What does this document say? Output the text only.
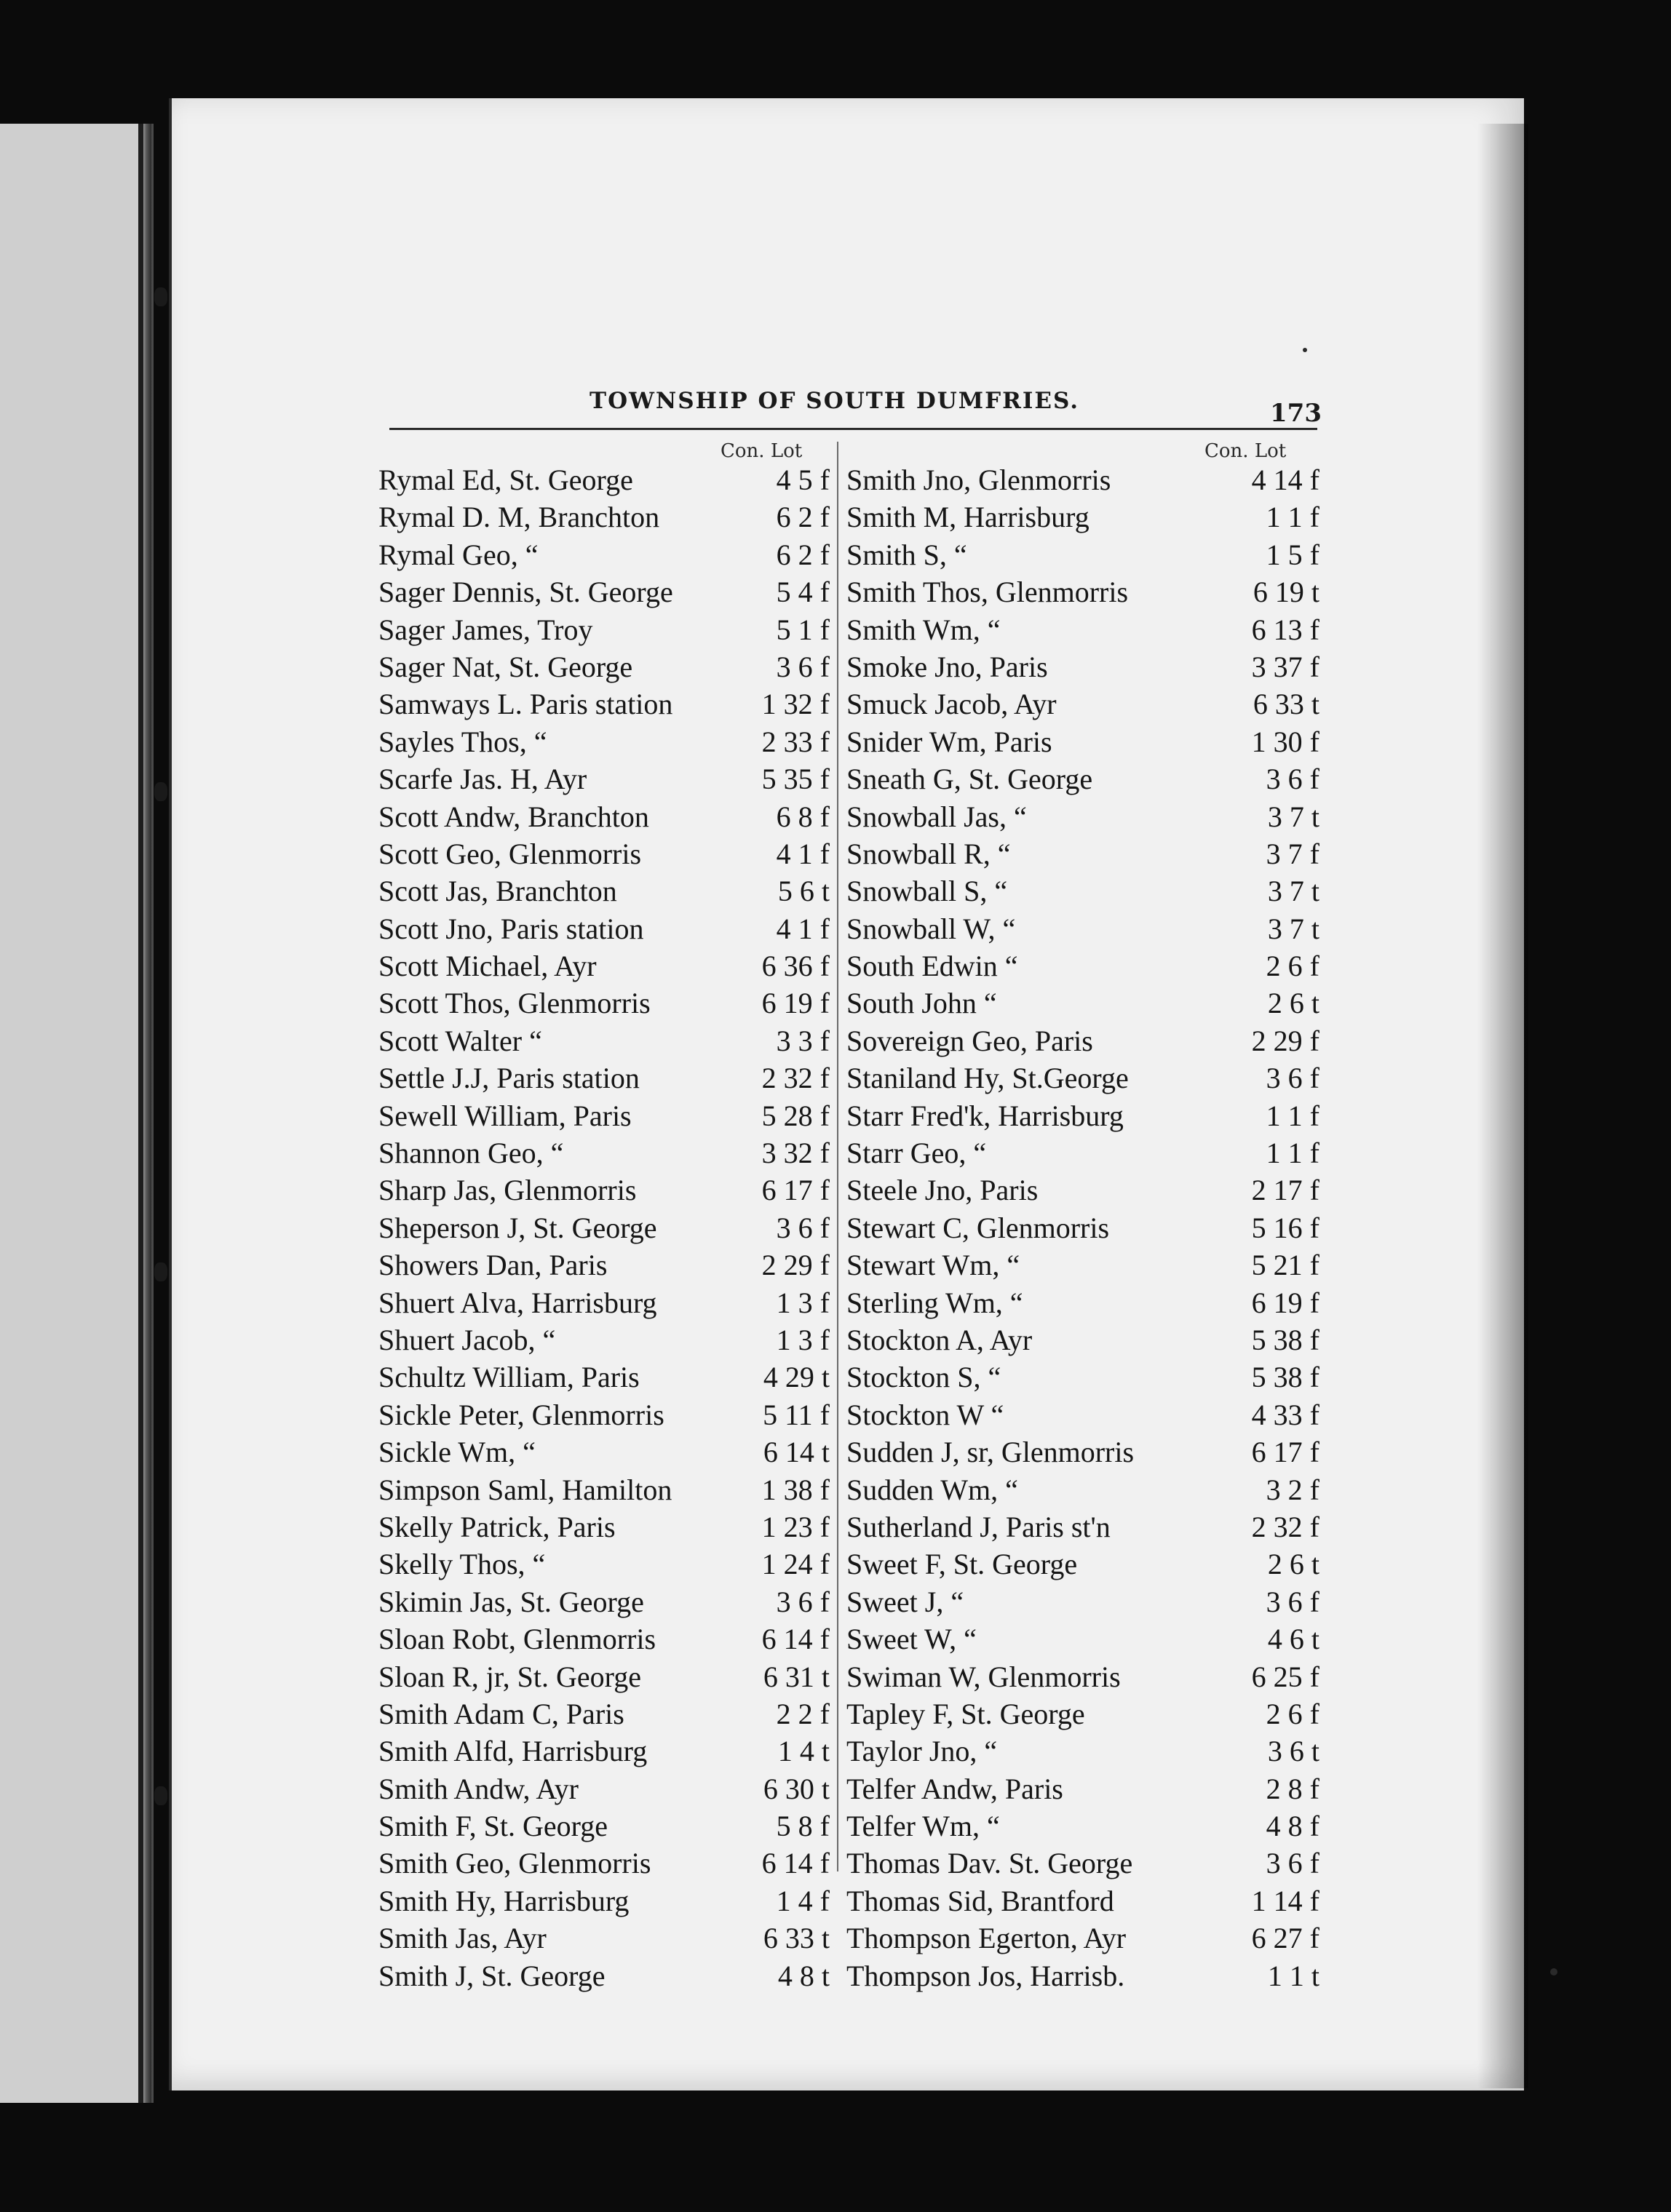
TOWNSHIP OF SOUTH DUMFRIES.	173
Con. Lot	Con. Lot
Rymal Ed, St. George	4 5 f
Rymal D. M, Branchton	6 2 f
Rymal Geo, “	6 2 f
Sager Dennis, St. George	5 4 f
Sager James, Troy	5 1 f
Sager Nat, St. George	3 6 f
Samways L. Paris station	1 32 f
Sayles Thos, “	2 33 f
Scarfe Jas. H, Ayr	5 35 f
Scott Andw, Branchton	6 8 f
Scott Geo, Glenmorris	4 1 f
Scott Jas, Branchton	5 6 t
Scott Jno, Paris station	4 1 f
Scott Michael, Ayr	6 36 f
Scott Thos, Glenmorris	6 19 f
Scott Walter “	3 3 f
Settle J.J, Paris station	2 32 f
Sewell William, Paris	5 28 f
Shannon Geo, “	3 32 f
Sharp Jas, Glenmorris	6 17 f
Sheperson J, St. George	3 6 f
Showers Dan, Paris	2 29 f
Shuert Alva, Harrisburg	1 3 f
Shuert Jacob, “	1 3 f
Schultz William, Paris	4 29 t
Sickle Peter, Glenmorris	5 11 f
Sickle Wm, “	6 14 t
Simpson Saml, Hamilton	1 38 f
Skelly Patrick, Paris	1 23 f
Skelly Thos, “	1 24 f
Skimin Jas, St. George	3 6 f
Sloan Robt, Glenmorris	6 14 f
Sloan R, jr, St. George	6 31 t
Smith Adam C, Paris	2 2 f
Smith Alfd, Harrisburg	1 4 t
Smith Andw, Ayr	6 30 t
Smith F, St. George	5 8 f
Smith Geo, Glenmorris	6 14 f
Smith Hy, Harrisburg	1 4 f
Smith Jas, Ayr	6 33 t
Smith J, St. George	4 8 t
Smith Jno, Glenmorris	4 14 f
Smith M, Harrisburg	1 1 f
Smith S, “	1 5 f
Smith Thos, Glenmorris	6 19 t
Smith Wm, “	6 13 f
Smoke Jno, Paris	3 37 f
Smuck Jacob, Ayr	6 33 t
Snider Wm, Paris	1 30 f
Sneath G, St. George	3 6 f
Snowball Jas, “	3 7 t
Snowball R, “	3 7 f
Snowball S, “	3 7 t
Snowball W, “	3 7 t
South Edwin “	2 6 f
South John “	2 6 t
Sovereign Geo, Paris	2 29 f
Staniland Hy, St.George	3 6 f
Starr Fred'k, Harrisburg	1 1 f
Starr Geo, “	1 1 f
Steele Jno, Paris	2 17 f
Stewart C, Glenmorris	5 16 f
Stewart Wm, “	5 21 f
Sterling Wm, “	6 19 f
Stockton A, Ayr	5 38 f
Stockton S, “	5 38 f
Stockton W “	4 33 f
Sudden J, sr, Glenmorris	6 17 f
Sudden Wm, “	3 2 f
Sutherland J, Paris st'n	2 32 f
Sweet F, St. George	2 6 t
Sweet J, “	3 6 f
Sweet W, “	4 6 t
Swiman W, Glenmorris	6 25 f
Tapley F, St. George	2 6 f
Taylor Jno, “	3 6 t
Telfer Andw, Paris	2 8 f
Telfer Wm, “	4 8 f
Thomas Dav. St. George	3 6 f
Thomas Sid, Brantford	1 14 f
Thompson Egerton, Ayr	6 27 f
Thompson Jos, Harrisb.	1 1 t
